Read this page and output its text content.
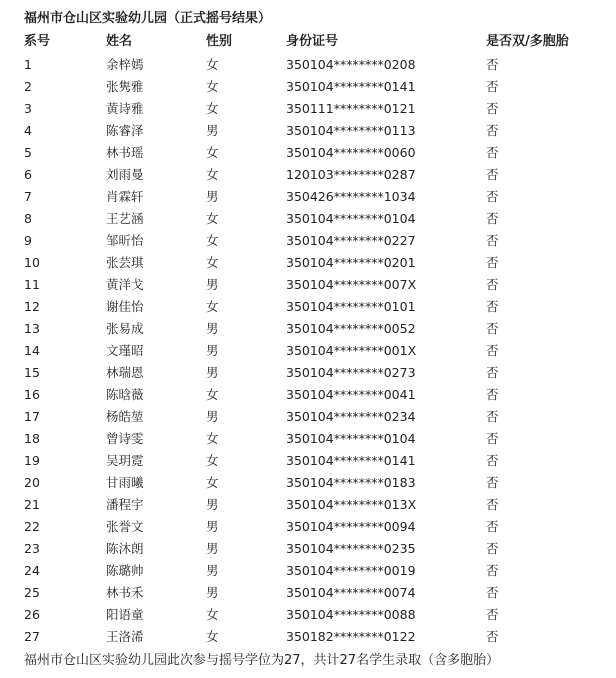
福州市仓山区实验幼儿园（正式摇号结果）
系号	姓名	性别	身份证号	是否双/多胞胎
1	余梓嫣	女	350104********0208	否
2	张隽雅	女	350104********0141	否
3	黄诗雅	女	350111********0121	否
4	陈睿泽	男	350104********0113	否
5	林书瑶	女	350104********0060	否
6	刘雨曼	女	120103********0287	否
7	肖霖轩	男	350426********1034	否
8	王艺涵	女	350104********0104	否
9	邹昕怡	女	350104********0227	否
10	张芸琪	女	350104********0201	否
11	黄洋戈	男	350104********007X	否
12	谢佳怡	女	350104********0101	否
13	张易成	男	350104********0052	否
14	文瑾昭	男	350104********001X	否
15	林瑞恩	男	350104********0273	否
16	陈晗薇	女	350104********0041	否
17	杨皓堃	男	350104********0234	否
18	曾诗雯	女	350104********0104	否
19	吴玥霓	女	350104********0141	否
20	甘雨曦	女	350104********0183	否
21	潘程宇	男	350104********013X	否
22	张誉文	男	350104********0094	否
23	陈沐朗	男	350104********0235	否
24	陈璐帅	男	350104********0019	否
25	林书禾	男	350104********0074	否
26	阳语童	女	350104********0088	否
27	王洛浠	女	350182********0122	否
福州市仓山区实验幼儿园此次参与摇号学位为27，共计27名学生录取（含多胞胎）
